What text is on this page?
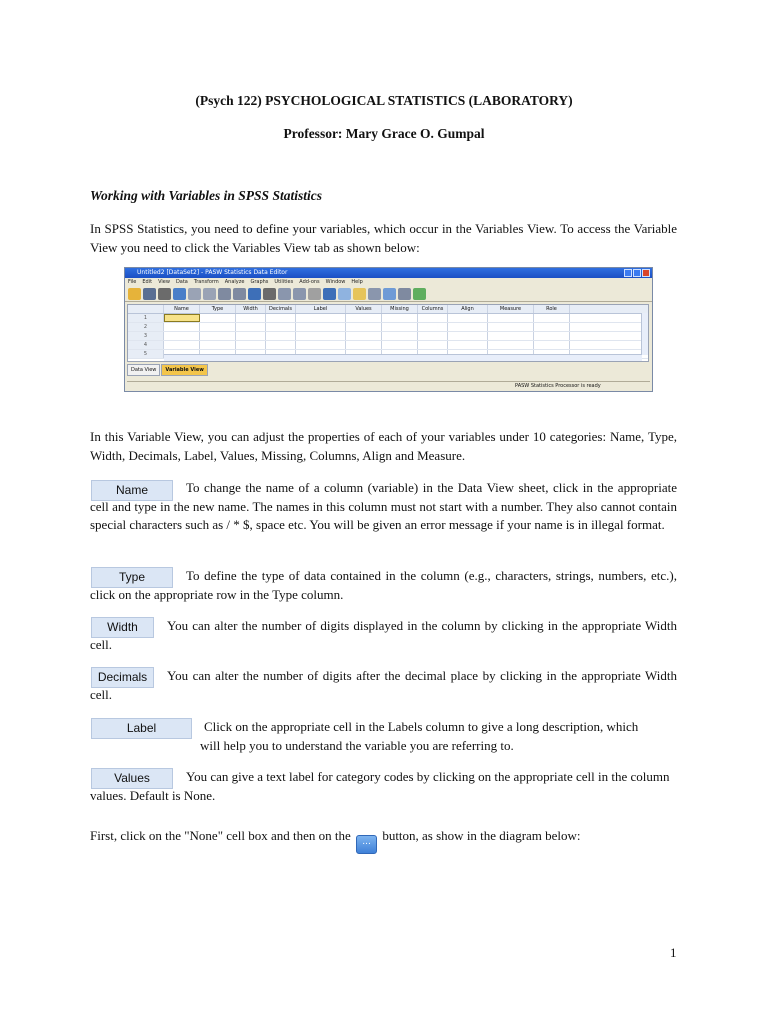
(Psych 122) PSYCHOLOGICAL STATISTICS (LABORATORY)
Professor: Mary Grace O. Gumpal
Working with Variables in SPSS Statistics
In SPSS Statistics, you need to define your variables, which occur in the Variables View. To access the Variable View you need to click the Variables View tab as shown below:
Untitled2 [DataSet2] - PASW Statistics Data Editor
File Edit View Data Transform Analyze Graphs Utilities Add-ons Window Help
Name	Type	Width	Decimals	Label	Values	Missing	Columns	Align	Measure	Role
1
2
3
4
5
Data View	Variable View
PASW Statistics Processor is ready
In this Variable View, you can adjust the properties of each of your variables under 10 categories: Name, Type, Width, Decimals, Label, Values, Missing, Columns, Align and Measure.
Name	To change the name of a column (variable) in the Data View sheet, click in the appropriate cell and type in the new name. The names in this column must not start with a number. They also cannot contain special characters such as / * $, space etc. You will be given an error message if your name is in illegal format.
Type	To define the type of data contained in the column (e.g., characters, strings, numbers, etc.), click on the appropriate row in the Type column.
Width	You can alter the number of digits displayed in the column by clicking in the appropriate Width cell.
Decimals	You can alter the number of digits after the decimal place by clicking in the appropriate Width cell.
Label	Click on the appropriate cell in the Labels column to give a long description, which
will help you to understand the variable you are referring to.
Values	You can give a text label for category codes by clicking on the appropriate cell in the column values. Default is None.
First, click on the "None" cell box and then on the ... button, as show in the diagram below:
1
